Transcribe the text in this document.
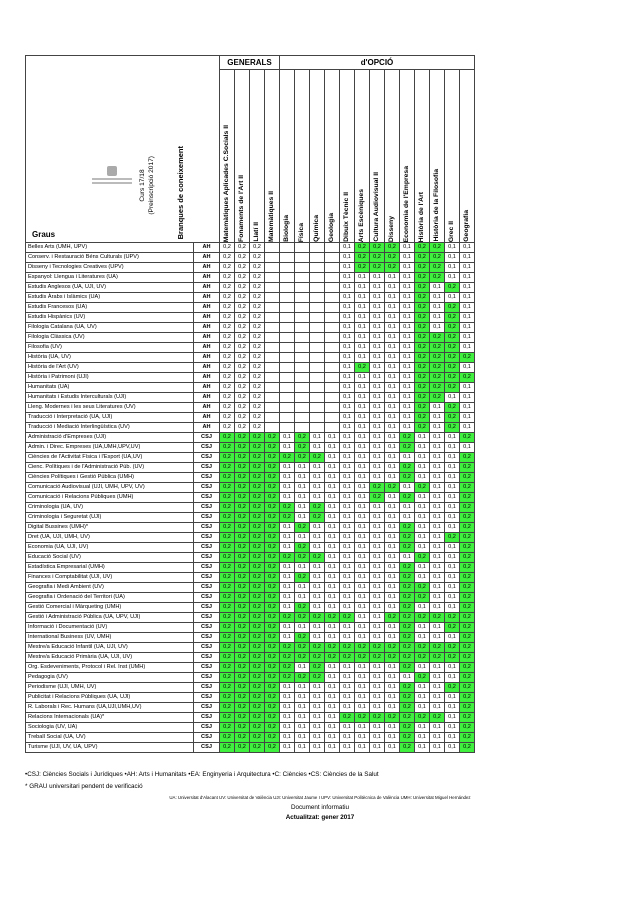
Curs 17/18 (Preinscripció 2017)
Graus Branques de coneixement		GENERALS				d'OPCIÓ												

		Matemàtiques Aplicades C.Socials II	Fonaments de l'Art II	Llatí II	Matemàtiques II	Biologia	Física	Química	Geologia	Dibuix Tècnic II	Arts Escèniques	Cultura Audiovisual II	Disseny	Economia de l'Empresa	Història de l'Art	Història de la Filosofia	Grec II	Geografia

Belles Arts (UMH, UPV)	AH	0,2	0,2	0,2						0,1	0,2	0,2	0,2	0,1	0,2	0,2	0,1	0,1
Conserv. i Restauració Béns Culturals (UPV)	AH	0,2	0,2	0,2						0,1	0,2	0,2	0,2	0,1	0,2	0,2	0,1	0,1
Disseny i Tecnologies Creatives (UPV)	AH	0,2	0,2	0,2						0,1	0,2	0,2	0,2	0,1	0,2	0,2	0,1	0,1
Espanyol: Llengua i Literatures (UA)	AH	0,2	0,2	0,2						0,1	0,1	0,1	0,1	0,1	0,2	0,2	0,1	0,1
Estudis Anglesos (UA, UJI, UV)	AH	0,2	0,2	0,2						0,1	0,1	0,1	0,1	0,1	0,2	0,1	0,2	0,1
Estudis Àrabs i Islàmics (UA)	AH	0,2	0,2	0,2						0,1	0,1	0,1	0,1	0,1	0,2	0,1	0,1	0,1
Estudis Francesos (UA)	AH	0,2	0,2	0,2						0,1	0,1	0,1	0,1	0,1	0,2	0,1	0,2	0,1
Estudis Hispànics (UV)	AH	0,2	0,2	0,2						0,1	0,1	0,1	0,1	0,1	0,2	0,1	0,2	0,1
Filologia Catalana (UA, UV)	AH	0,2	0,2	0,2						0,1	0,1	0,1	0,1	0,1	0,2	0,1	0,2	0,1
Filologia Clàssica (UV)	AH	0,2	0,2	0,2						0,1	0,1	0,1	0,1	0,1	0,2	0,2	0,2	0,1
Filosofia (UV)	AH	0,2	0,2	0,2						0,1	0,1	0,1	0,1	0,1	0,2	0,2	0,2	0,1
Història (UA, UV)	AH	0,2	0,2	0,2						0,1	0,1	0,1	0,1	0,1	0,2	0,2	0,2	0,2
Història de l'Art (UV)	AH	0,2	0,2	0,2						0,1	0,2	0,1	0,1	0,1	0,2	0,2	0,2	0,1
Història i Patrimoni (UJI)	AH	0,2	0,2	0,2						0,1	0,1	0,1	0,1	0,1	0,2	0,2	0,2	0,2
Humanitats (UA)	AH	0,2	0,2	0,2						0,1	0,1	0,1	0,1	0,1	0,2	0,2	0,2	0,1
Humanitats i Estudis Interculturals (UJI)	AH	0,2	0,2	0,2						0,1	0,1	0,1	0,1	0,1	0,2	0,2	0,1	0,1
Lleng. Modernes i les seus Literatures (UV)	AH	0,2	0,2	0,2						0,1	0,1	0,1	0,1	0,1	0,2	0,1	0,2	0,1
Traducció i Interpretació (UA, UJI)	AH	0,2	0,2	0,2						0,1	0,1	0,1	0,1	0,1	0,2	0,1	0,2	0,1
Traducció i Mediació Interlingüística (UV)	AH	0,2	0,2	0,2						0,1	0,1	0,1	0,1	0,1	0,2	0,1	0,2	0,1
Administració d'Empreses (UJI)	CSJ	0,2	0,2	0,2	0,2	0,1	0,2	0,1	0,1	0,1	0,1	0,1	0,1	0,2	0,1	0,1	0,1	0,2
Admin. i Direc. Empreses (UA,UMH,UPV,UV)	CSJ	0,2	0,2	0,2	0,2	0,1	0,2	0,1	0,1	0,1	0,1	0,1	0,1	0,2	0,1	0,1	0,1	0,1
Ciències de l'Activitat Física i l'Esport (UA,UV)	CSJ	0,2	0,2	0,2	0,2	0,2	0,2	0,2	0,1	0,1	0,1	0,1	0,1	0,1	0,1	0,1	0,1	0,2
Cienc. Polítiques i de l'Administració Púb. (UV)	CSJ	0,2	0,2	0,2	0,2	0,1	0,1	0,1	0,1	0,1	0,1	0,1	0,1	0,2	0,1	0,1	0,1	0,2
Ciències Polítiques i Gestió Pública (UMH)	CSJ	0,2	0,2	0,2	0,2	0,1	0,1	0,1	0,1	0,1	0,1	0,1	0,1	0,2	0,1	0,1	0,1	0,2
Comunicació Audiovisual (UJI, UMH, UPV, UV)	CSJ	0,2	0,2	0,2	0,2	0,1	0,1	0,1	0,1	0,1	0,1	0,2	0,2	0,1	0,2	0,1	0,1	0,2
Comunicació i Relacions Públiques (UMH)	CSJ	0,2	0,2	0,2	0,2	0,1	0,1	0,1	0,1	0,1	0,1	0,2	0,1	0,2	0,1	0,1	0,1	0,2
Criminologia (UA, UV)	CSJ	0,2	0,2	0,2	0,2	0,2	0,1	0,2	0,1	0,1	0,1	0,1	0,1	0,1	0,1	0,1	0,1	0,2
Criminologia i Seguretat (UJI)	CSJ	0,2	0,2	0,2	0,2	0,2	0,1	0,2	0,1	0,1	0,1	0,1	0,1	0,1	0,1	0,1	0,1	0,2
Digital Bussines (UMH)*	CSJ	0,2	0,2	0,2	0,2	0,1	0,2	0,1	0,1	0,1	0,1	0,1	0,1	0,2	0,1	0,1	0,1	0,2
Dret (UA, UJI, UMH, UV)	CSJ	0,2	0,2	0,2	0,2	0,1	0,1	0,1	0,1	0,1	0,1	0,1	0,1	0,2	0,1	0,1	0,2	0,2
Economia (UA, UJI, UV)	CSJ	0,2	0,2	0,2	0,2	0,1	0,2	0,1	0,1	0,1	0,1	0,1	0,1	0,2	0,1	0,1	0,1	0,2
Educació Social (UV)	CSJ	0,2	0,2	0,2	0,2	0,2	0,2	0,2	0,1	0,1	0,1	0,1	0,1	0,1	0,2	0,1	0,1	0,2
Estadística Empresarial (UMH)	CSJ	0,2	0,2	0,2	0,2	0,1	0,1	0,1	0,1	0,1	0,1	0,1	0,1	0,2	0,1	0,1	0,1	0,2
Finances i Comptabilitat (UJI, UV)	CSJ	0,2	0,2	0,2	0,2	0,1	0,2	0,1	0,1	0,1	0,1	0,1	0,1	0,2	0,1	0,1	0,1	0,2
Geografia i Medi Ambient (UV)	CSJ	0,2	0,2	0,2	0,2	0,1	0,1	0,1	0,1	0,1	0,1	0,1	0,1	0,2	0,2	0,1	0,1	0,2
Geografia i Ordenació del Territori (UA)	CSJ	0,2	0,2	0,2	0,2	0,1	0,1	0,1	0,1	0,1	0,1	0,1	0,1	0,2	0,2	0,1	0,1	0,2
Gestió Comercial i Màrqueting (UMH)	CSJ	0,2	0,2	0,2	0,2	0,1	0,2	0,1	0,1	0,1	0,1	0,1	0,1	0,2	0,1	0,1	0,1	0,2
Gestió i Administració Pública (UA, UPV, UJI)	CSJ	0,2	0,2	0,2	0,2	0,2	0,2	0,2	0,2	0,2	0,1	0,1	0,2	0,2	0,2	0,2	0,2	0,2
Informació i Documentació (UV)	CSJ	0,2	0,2	0,2	0,2	0,1	0,1	0,1	0,1	0,1	0,1	0,1	0,1	0,2	0,1	0,1	0,2	0,2
International Business (UV, UMH)	CSJ	0,2	0,2	0,2	0,2	0,1	0,2	0,1	0,1	0,1	0,1	0,1	0,1	0,2	0,1	0,1	0,1	0,2
Mestre/a Educació Infantil (UA, UJI, UV)	CSJ	0,2	0,2	0,2	0,2	0,2	0,2	0,2	0,2	0,2	0,2	0,2	0,2	0,2	0,2	0,2	0,2	0,2
Mestre/a Educació Primària (UA, UJI, UV)	CSJ	0,2	0,2	0,2	0,2	0,2	0,2	0,2	0,2	0,2	0,2	0,2	0,2	0,2	0,2	0,2	0,2	0,2
Org. Esdeveniments, Protocol i Rel. Inst (UMH)	CSJ	0,2	0,2	0,2	0,2	0,2	0,1	0,2	0,1	0,1	0,1	0,1	0,1	0,2	0,1	0,1	0,1	0,2
Pedagogia (UV)	CSJ	0,2	0,2	0,2	0,2	0,2	0,2	0,2	0,1	0,1	0,1	0,1	0,1	0,1	0,2	0,1	0,1	0,2
Periodisme (UJI, UMH, UV)	CSJ	0,2	0,2	0,2	0,2	0,1	0,1	0,1	0,1	0,1	0,1	0,1	0,1	0,2	0,1	0,1	0,2	0,2
Publicitat i Relacions Públiques (UA, UJI)	CSJ	0,2	0,2	0,2	0,2	0,1	0,1	0,1	0,1	0,1	0,1	0,1	0,1	0,2	0,1	0,1	0,1	0,2
R. Laborals i Rec. Humans (UA,UJI,UMH,UV)	CSJ	0,2	0,2	0,2	0,2	0,1	0,1	0,1	0,1	0,1	0,1	0,1	0,1	0,2	0,1	0,1	0,1	0,2
Relacions Internacionals (UA)*	CSJ	0,2	0,2	0,2	0,2	0,1	0,1	0,1	0,1	0,2	0,2	0,2	0,2	0,2	0,2	0,2	0,1	0,2
Sociologia (UV, UA)	CSJ	0,2	0,2	0,2	0,2	0,1	0,1	0,1	0,1	0,1	0,1	0,1	0,1	0,2	0,1	0,1	0,1	0,2
Treball Social (UA, UV)	CSJ	0,2	0,2	0,2	0,2	0,1	0,1	0,1	0,1	0,1	0,1	0,1	0,1	0,2	0,1	0,1	0,1	0,2
Turisme (UJI, UV, UA, UPV)	CSJ	0,2	0,2	0,2	0,2	0,1	0,1	0,1	0,1	0,1	0,1	0,1	0,1	0,2	0,1	0,1	0,1	0,2
•CSJ: Ciències Socials i Jurídiques •AH: Arts i Humanitats •EA: Enginyeria i Arquitectura •C: Ciències •CS: Ciències de la Salut
* GRAU universitari pendent de verificació
UA: Universitat d'Alacant UV: Universitat de València UJI: Universitat Jaume I UPV: Universitat Politècnica de València UMH: Universitat Miguel Hernández
Document informatiu
Actualitzat: gener 2017
